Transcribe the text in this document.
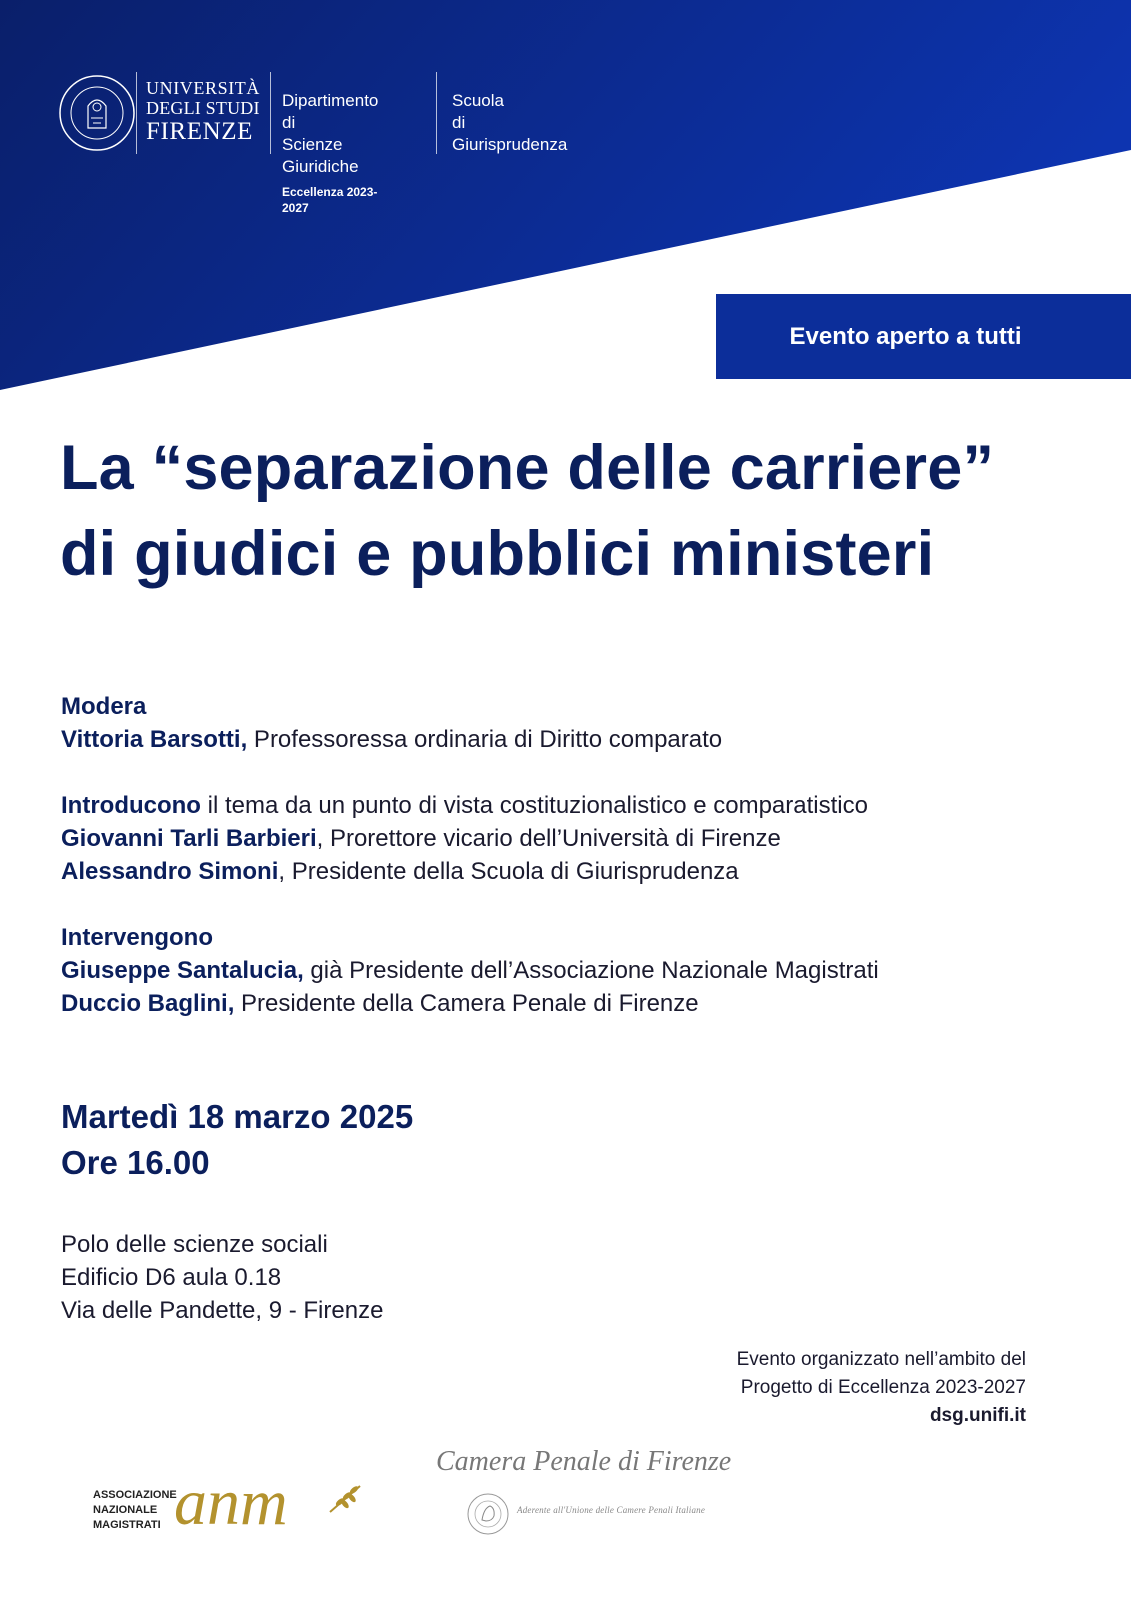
UNIVERSITÀ
DEGLI STUDI
FIRENZE
Dipartimento di
Scienze Giuridiche
Eccellenza 2023-2027
Scuola
di Giurisprudenza
Evento aperto a tutti
La “separazione delle carriere”
di giudici e pubblici ministeri
Modera
Vittoria Barsotti, Professoressa ordinaria di Diritto comparato
Introducono il tema da un punto di vista costituzionalistico e comparatistico
Giovanni Tarli Barbieri, Prorettore vicario dell’Università di Firenze
Alessandro Simoni, Presidente della Scuola di Giurisprudenza
Intervengono
Giuseppe Santalucia, già Presidente dell’Associazione Nazionale Magistrati
Duccio Baglini, Presidente della Camera Penale di Firenze
Martedì 18 marzo 2025
Ore 16.00
Polo delle scienze sociali
Edificio D6 aula 0.18
Via delle Pandette, 9 - Firenze
Evento organizzato nell’ambito del
Progetto di Eccellenza 2023-2027
dsg.unifi.it
ASSOCIAZIONE
NAZIONALE
MAGISTRATI anm
Camera Penale di Firenze
Aderente all'Unione delle Camere Penali Italiane
